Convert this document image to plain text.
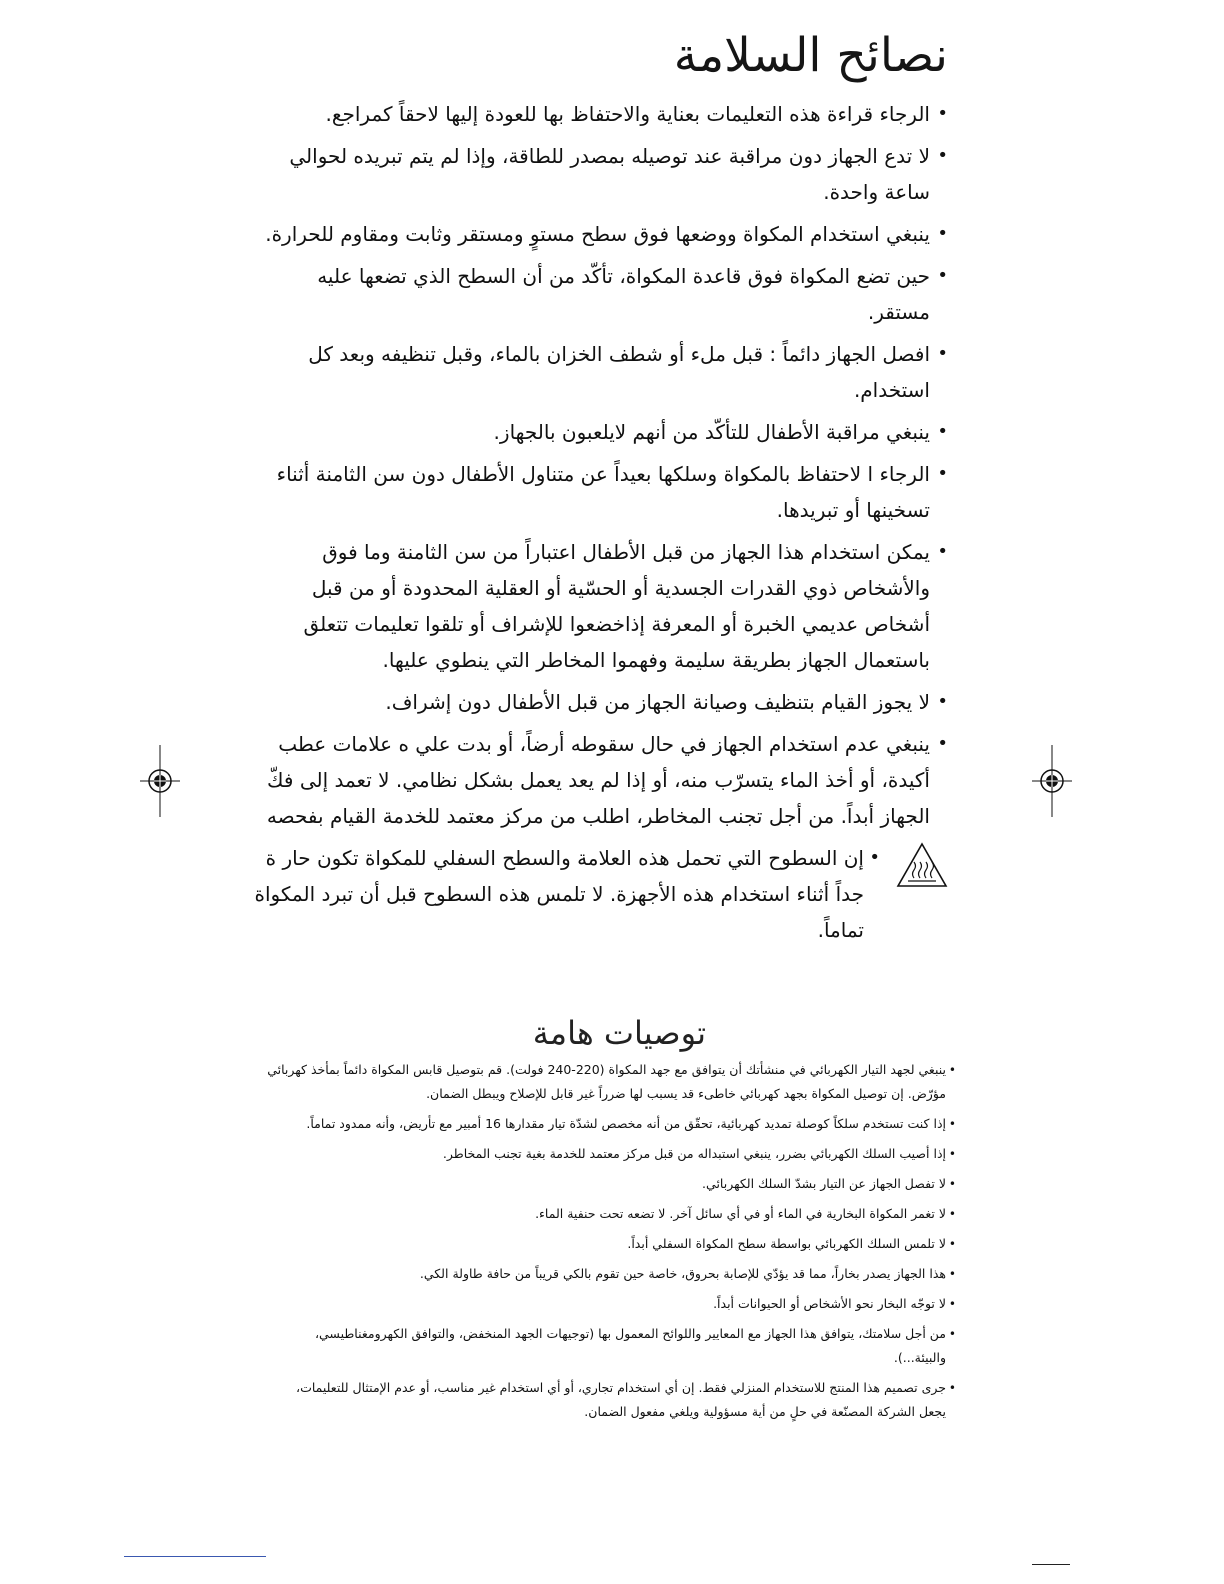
نصائح السلامة
• الرجاء قراءة هذه التعليمات بعناية والاحتفاظ بها للعودة إليها لاحقاً كمراجع.
• لا تدع الجهاز دون مراقبة عند توصيله بمصدر للطاقة، وإذا لم يتم تبريده لحوالي ساعة واحدة.
• ينبغي استخدام المكواة ووضعها فوق سطح مستوٍ ومستقر وثابت ومقاوم للحرارة.
• حين تضع المكواة فوق قاعدة المكواة، تأكّد من أن السطح الذي تضعها عليه مستقر.
• افصل الجهاز دائماً : قبل ملء أو شطف الخزان بالماء، وقبل تنظيفه وبعد كل استخدام.
• ينبغي مراقبة الأطفال للتأكّد من أنهم لايلعبون بالجهاز.
• الرجاء ا لاحتفاظ بالمكواة وسلكها بعيداً عن متناول الأطفال دون سن الثامنة أثناء تسخينها أو تبريدها.
• يمكن استخدام هذا الجهاز من قبل الأطفال اعتباراً من سن الثامنة وما فوق والأشخاص ذوي القدرات الجسدية أو الحسّية أو العقلية المحدودة أو من قبل أشخاص عديمي الخبرة أو المعرفة إذاخضعوا للإشراف أو تلقوا تعليمات تتعلق باستعمال الجهاز بطريقة سليمة وفهموا المخاطر التي ينطوي عليها.
• لا يجوز القيام بتنظيف وصيانة الجهاز من قبل الأطفال دون إشراف.
• ينبغي عدم استخدام الجهاز في حال سقوطه أرضاً، أو بدت علي ه علامات عطب أكيدة، أو أخذ الماء يتسرّب منه، أو إذا لم يعد يعمل بشكل نظامي. لا تعمد إلى فكّ الجهاز أبداً. من أجل تجنب المخاطر، اطلب من مركز معتمد للخدمة القيام بفحصه
• إن السطوح التي تحمل هذه العلامة والسطح السفلي للمكواة تكون حار ة جداً أثناء استخدام هذه الأجهزة. لا تلمس هذه السطوح قبل أن تبرد المكواة تماماً.
توصيات هامة
• ينبغي لجهد التيار الكهربائي في منشأتك أن يتوافق مع جهد المكواة (220-240 فولت). قم بتوصيل قابس المكواة دائماً بمأخذ كهربائي مؤرّض. إن توصيل المكواة بجهد كهربائي خاطىء قد يسبب لها ضرراً غير قابل للإصلاح ويبطل الضمان.
• إذا كنت تستخدم سلكاً كوصلة تمديد كهربائية، تحقّق من أنه مخصص لشدّة تيار مقدارها 16 أمبير مع تأريض، وأنه ممدود تماماً.
• إذا أصيب السلك الكهربائي بضرر، ينبغي استبداله من قبل مركز معتمد للخدمة بغية تجنب المخاطر.
• لا تفصل الجهاز عن التيار بشدّ السلك الكهربائي.
• لا تغمر المكواة البخارية في الماء أو في أي سائل آخر. لا تضعه تحت حنفية الماء.
• لا تلمس السلك الكهربائي بواسطة سطح المكواة السفلي أبداً.
• هذا الجهاز يصدر بخاراً، مما قد يؤدّي للإصابة بحروق، خاصة حين تقوم بالكي قريباً من حافة طاولة الكي.
• لا توجّه البخار نحو الأشخاص أو الحيوانات أبداً.
• من أجل سلامتك، يتوافق هذا الجهاز مع المعايير واللوائح المعمول بها (توجيهات الجهد المنخفض، والتوافق الكهرومغناطيسي، والبيئة...).
• جرى تصميم هذا المنتج للاستخدام المنزلي فقط. إن أي استخدام تجاري، أو أي استخدام غير مناسب، أو عدم الإمتثال للتعليمات، يجعل الشركة المصنّعة في حلٍ من أية مسؤولية ويلغي مفعول الضمان.
